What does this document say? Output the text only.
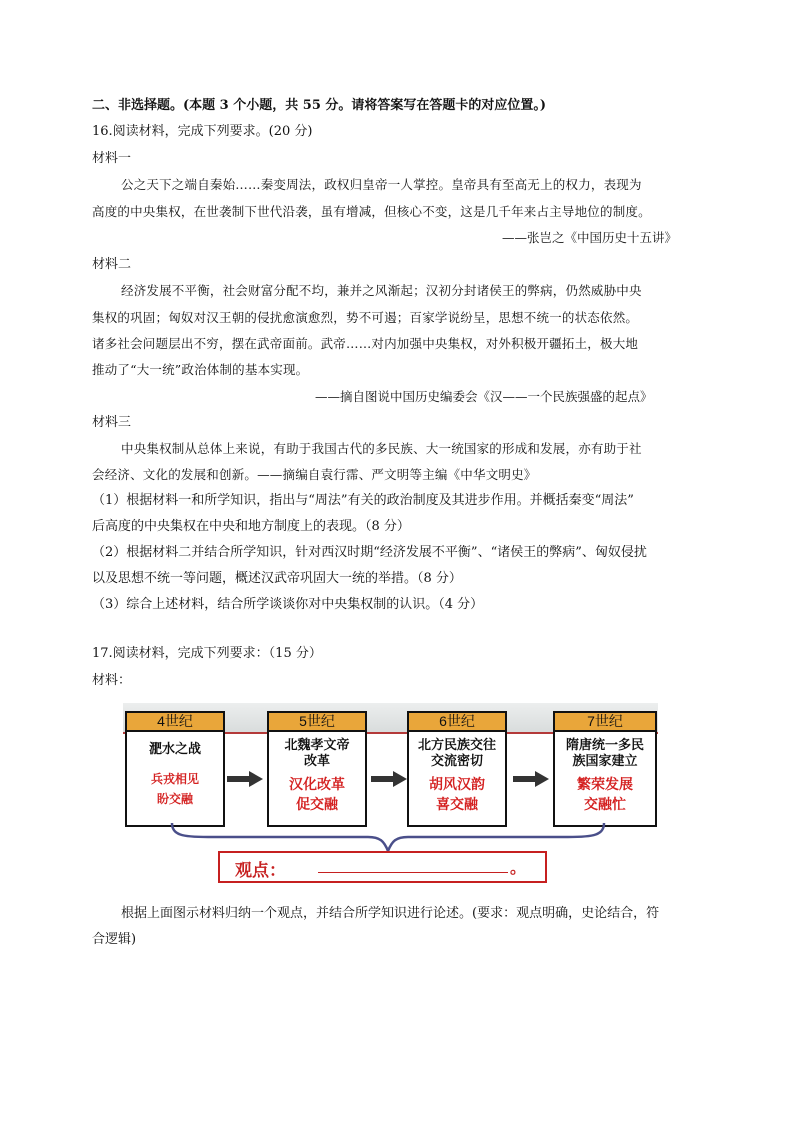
二、非选择题。(本题 3 个小题，共 55 分。请将答案写在答题卡的对应位置。)
16.阅读材料，完成下列要求。(20 分)
材料一
公之天下之端自秦始……秦变周法，政权归皇帝一人掌控。皇帝具有至高无上的权力，表现为
高度的中央集权，在世袭制下世代沿袭，虽有增减，但核心不变，这是几千年来占主导地位的制度。
——张岂之《中国历史十五讲》
材料二
经济发展不平衡，社会财富分配不均，兼并之风渐起；汉初分封诸侯王的弊病，仍然威胁中央
集权的巩固；匈奴对汉王朝的侵扰愈演愈烈，势不可遏；百家学说纷呈，思想不统一的状态依然。
诸多社会问题层出不穷，摆在武帝面前。武帝……对内加强中央集权，对外积极开疆拓土，极大地
推动了“大一统”政治体制的基本实现。
——摘自图说中国历史编委会《汉——一个民族强盛的起点》
材料三
中央集权制从总体上来说，有助于我国古代的多民族、大一统国家的形成和发展，亦有助于社
会经济、文化的发展和创新。——摘编自袁行霈、严文明等主编《中华文明史》
（1）根据材料一和所学知识，指出与“周法”有关的政治制度及其进步作用。并概括秦变“周法”
后高度的中央集权在中央和地方制度上的表现。（8 分）
（2）根据材料二并结合所学知识，针对西汉时期“经济发展不平衡”、“诸侯王的弊病”、匈奴侵扰
以及思想不统一等问题，概述汉武帝巩固大一统的举措。（8 分）
（3）综合上述材料，结合所学谈谈你对中央集权制的认识。（4 分）
17.阅读材料，完成下列要求：（15 分）
材料：
4世纪
淝水之战
兵戎相见
盼交融
5世纪
北魏孝文帝
改革
汉化改革
促交融
6世纪
北方民族交往
交流密切
胡风汉韵
喜交融
7世纪
隋唐统一多民
族国家建立
繁荣发展
交融忙
观点：	。
根据上面图示材料归纳一个观点，并结合所学知识进行论述。(要求：观点明确，史论结合，符
合逻辑)
